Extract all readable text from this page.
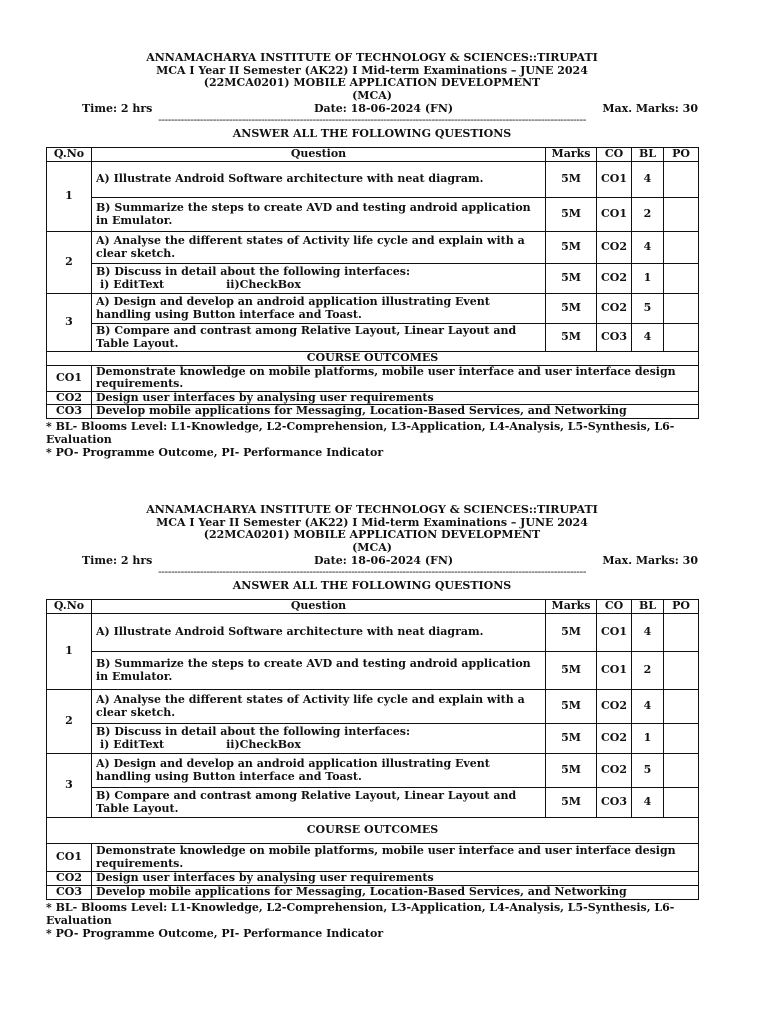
ANNAMACHARYA INSTITUTE OF TECHNOLOGY & SCIENCES::TIRUPATI
MCA I Year II Semester (AK22) I Mid-term Examinations – JUNE 2024
(22MCA0201) MOBILE APPLICATION DEVELOPMENT
(MCA)
Time: 2 hrs	Date: 18-06-2024 (FN)	Max. Marks: 30
-------------------------------------------------------------------------------------------------------------------------------------
ANSWER ALL THE FOLLOWING QUESTIONS
Q.No	Question	Marks	CO	BL	PO
1	A) Illustrate Android Software architecture with neat diagram.	5M	CO1	4	

	B) Summarize the steps to create AVD and testing android application
in Emulator.	5M	CO1	2	
2	A) Analyse the different states of Activity life cycle and explain with a
clear sketch.	5M	CO2	4	

	B) Discuss in detail about the following interfaces:
i) EditText ii)CheckBox	5M	CO2	1	
3	A) Design and develop an android application illustrating Event
handling using Button interface and Toast.	5M	CO2	5	

	B) Compare and contrast among Relative Layout, Linear Layout and
Table Layout.	5M	CO3	4	
COURSE OUTCOMES					
CO1	Demonstrate knowledge on mobile platforms, mobile user interface and user interface design
requirements.				

CO2	Design user interfaces by analysing user requirements				
CO3	Develop mobile applications for Messaging, Location-Based Services, and Networking				
* BL- Blooms Level: L1-Knowledge, L2-Comprehension, L3-Application, L4-Analysis, L5-Synthesis, L6-
Evaluation
* PO- Programme Outcome, PI- Performance Indicator
ANNAMACHARYA INSTITUTE OF TECHNOLOGY & SCIENCES::TIRUPATI
MCA I Year II Semester (AK22) I Mid-term Examinations – JUNE 2024
(22MCA0201) MOBILE APPLICATION DEVELOPMENT
(MCA)
Time: 2 hrs	Date: 18-06-2024 (FN)	Max. Marks: 30
-------------------------------------------------------------------------------------------------------------------------------------
ANSWER ALL THE FOLLOWING QUESTIONS
Q.No	Question	Marks	CO	BL	PO
1	A) Illustrate Android Software architecture with neat diagram.	5M	CO1	4	

	B) Summarize the steps to create AVD and testing android application
in Emulator.	5M	CO1	2	
2	A) Analyse the different states of Activity life cycle and explain with a
clear sketch.	5M	CO2	4	

	B) Discuss in detail about the following interfaces:
i) EditText ii)CheckBox	5M	CO2	1	
3	A) Design and develop an android application illustrating Event
handling using Button interface and Toast.	5M	CO2	5	

	B) Compare and contrast among Relative Layout, Linear Layout and
Table Layout.	5M	CO3	4	
COURSE OUTCOMES					
CO1	Demonstrate knowledge on mobile platforms, mobile user interface and user interface design
requirements.				

CO2	Design user interfaces by analysing user requirements				
CO3	Develop mobile applications for Messaging, Location-Based Services, and Networking				
* BL- Blooms Level: L1-Knowledge, L2-Comprehension, L3-Application, L4-Analysis, L5-Synthesis, L6-
Evaluation
* PO- Programme Outcome, PI- Performance Indicator
